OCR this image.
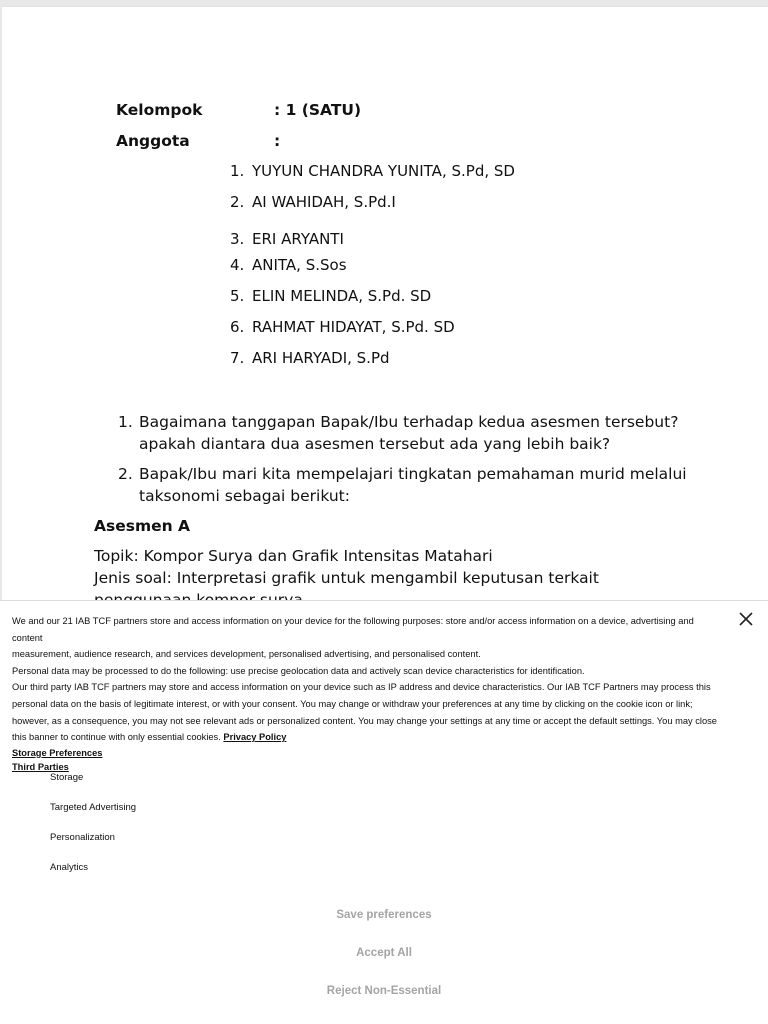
Kelompok	: 1 (SATU)
Anggota	:
1. YUYUN CHANDRA YUNITA, S.Pd, SD
2. AI WAHIDAH, S.Pd.I
3. ERI ARYANTI
4. ANITA, S.Sos
5. ELIN MELINDA, S.Pd. SD
6. RAHMAT HIDAYAT, S.Pd. SD
7. ARI HARYADI, S.Pd
1. Bagaimana tanggapan Bapak/Ibu terhadap kedua asesmen tersebut?
apakah diantara dua asesmen tersebut ada yang lebih baik?
2. Bapak/Ibu mari kita mempelajari tingkatan pemahaman murid melalui
taksonomi sebagai berikut:
Asesmen A
Topik: Kompor Surya dan Grafik Intensitas Matahari
Jenis soal: Interpretasi grafik untuk mengambil keputusan terkait
We and our 21 IAB TCF partners store and access information on your device for the following purposes: store and/or access information on a device, advertising and content
measurement, audience research, and services development, personalised advertising, and personalised content.
Personal data may be processed to do the following: use precise geolocation data and actively scan device characteristics for identification.
Our third party IAB TCF partners may store and access information on your device such as IP address and device characteristics. Our IAB TCF Partners may process this
personal data on the basis of legitimate interest, or with your consent. You may change or withdraw your preferences at any time by clicking on the cookie icon or link;
however, as a consequence, you may not see relevant ads or personalized content. You may change your settings at any time or accept the default settings. You may close
this banner to continue with only essential cookies. Privacy Policy
Storage Preferences
Third Parties
Storage
Targeted Advertising
Personalization
Analytics
Save preferences
Accept All
Reject Non-Essential
